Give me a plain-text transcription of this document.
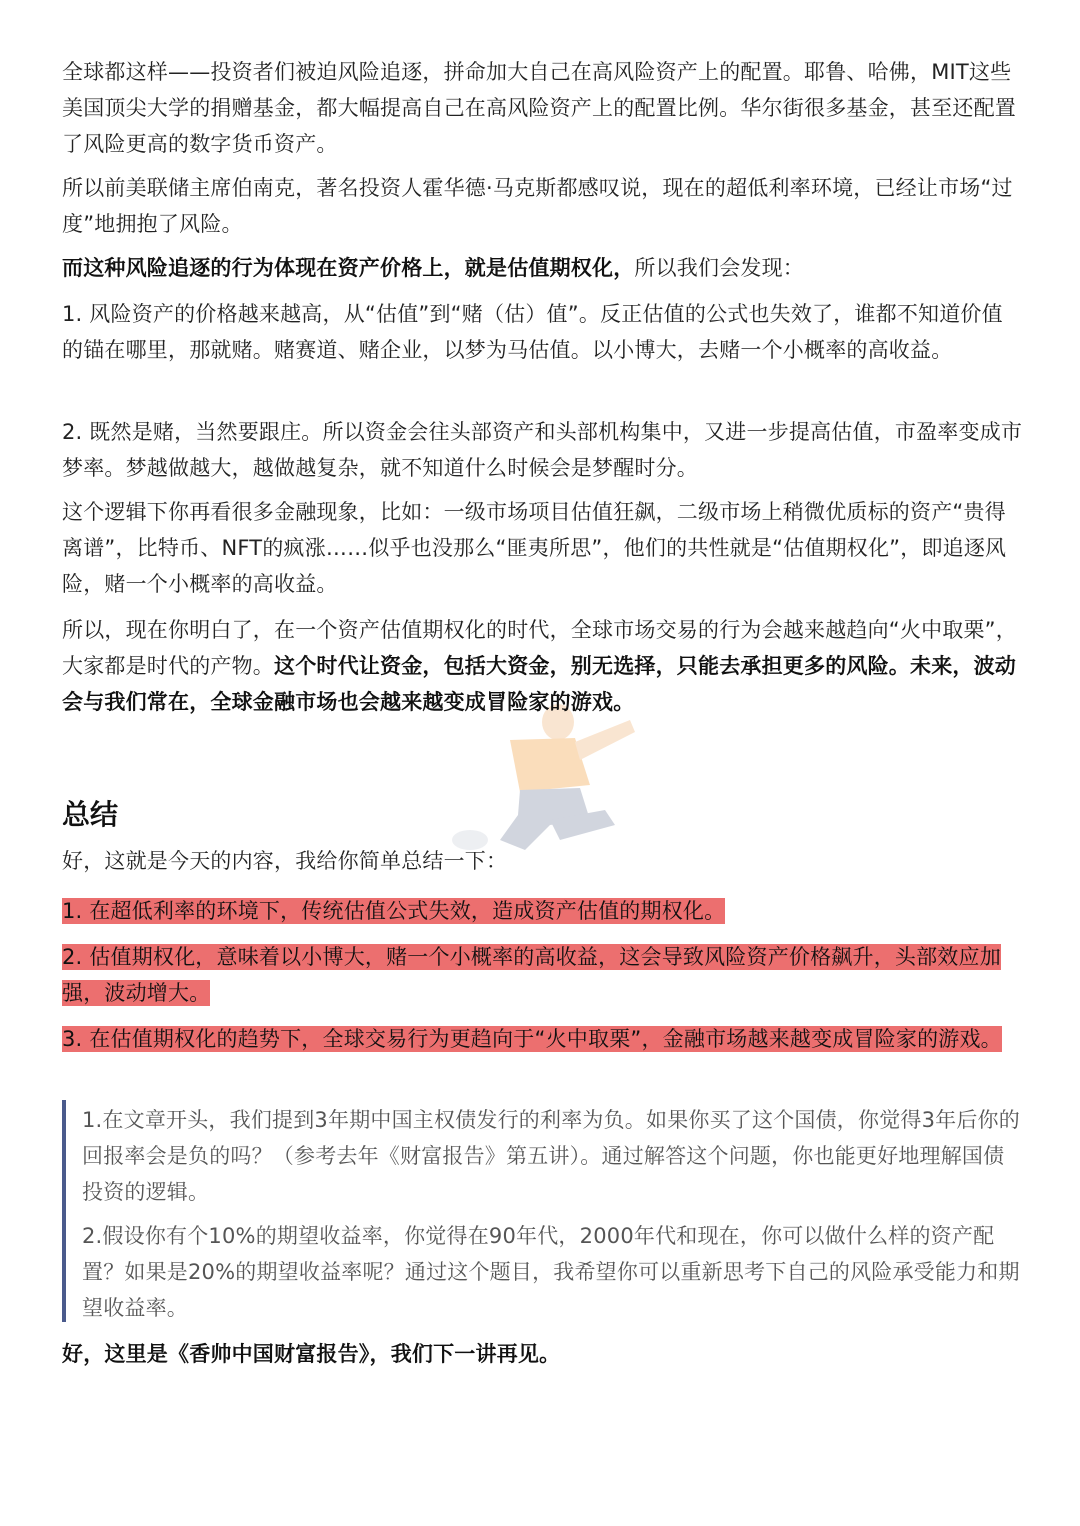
全球都这样——投资者们被迫风险追逐，拼命加大自己在高风险资产上的配置。耶鲁、哈佛，MIT这些美国顶尖大学的捐赠基金，都大幅提高自己在高风险资产上的配置比例。华尔街很多基金，甚至还配置了风险更高的数字货币资产。

所以前美联储主席伯南克，著名投资人霍华德·马克斯都感叹说，现在的超低利率环境，已经让市场“过度”地拥抱了风险。

而这种风险追逐的行为体现在资产价格上，就是估值期权化，所以我们会发现：

1. 风险资产的价格越来越高，从“估值”到“赌（估）值”。反正估值的公式也失效了，谁都不知道价值的锚在哪里，那就赌。赌赛道、赌企业，以梦为马估值。以小博大，去赌一个小概率的高收益。

2. 既然是赌，当然要跟庄。所以资金会往头部资产和头部机构集中，又进一步提高估值，市盈率变成市梦率。梦越做越大，越做越复杂，就不知道什么时候会是梦醒时分。

这个逻辑下你再看很多金融现象，比如：一级市场项目估值狂飙，二级市场上稍微优质标的资产“贵得离谱”，比特币、NFT的疯涨……似乎也没那么“匪夷所思”，他们的共性就是“估值期权化”，即追逐风险，赌一个小概率的高收益。

所以，现在你明白了，在一个资产估值期权化的时代，全球市场交易的行为会越来越趋向“火中取栗”，大家都是时代的产物。这个时代让资金，包括大资金，别无选择，只能去承担更多的风险。未来，波动会与我们常在，全球金融市场也会越来越变成冒险家的游戏。

总结

好，这就是今天的内容，我给你简单总结一下：

1. 在超低利率的环境下，传统估值公式失效，造成资产估值的期权化。

2. 估值期权化，意味着以小博大，赌一个小概率的高收益，这会导致风险资产价格飙升，头部效应加强，波动增大。

3. 在估值期权化的趋势下，全球交易行为更趋向于“火中取栗”，金融市场越来越变成冒险家的游戏。

1.在文章开头，我们提到3年期中国主权债发行的利率为负。如果你买了这个国债，你觉得3年后你的回报率会是负的吗？（参考去年《财富报告》第五讲）。通过解答这个问题，你也能更好地理解国债投资的逻辑。

2.假设你有个10%的期望收益率，你觉得在90年代，2000年代和现在，你可以做什么样的资产配置？如果是20%的期望收益率呢？通过这个题目，我希望你可以重新思考下自己的风险承受能力和期望收益率。

好，这里是《香帅中国财富报告》，我们下一讲再见。
